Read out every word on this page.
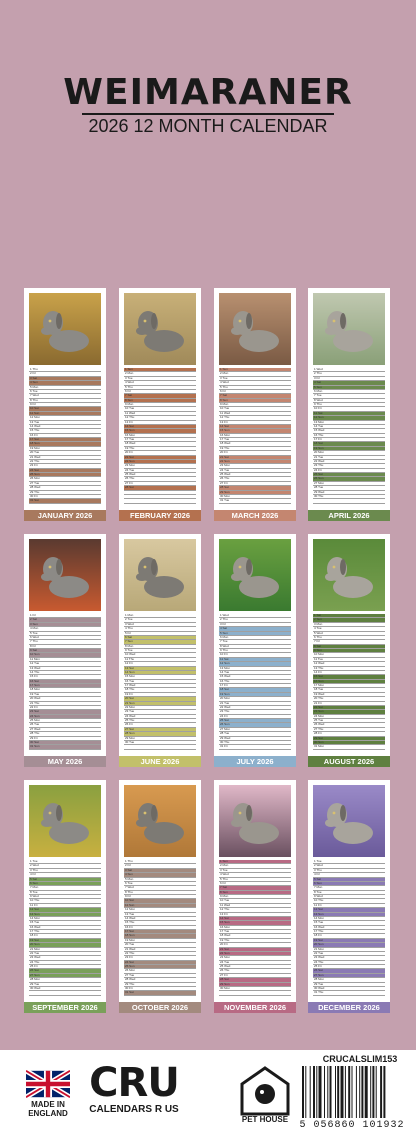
WEIMARANER
2026 12 MONTH CALENDAR
1 Thu
2 Fri
3 Sat
4 Sun
5 Mon
6 Tue
7 Wed
8 Thu
9 Fri
10 Sat
11 Sun
12 Mon
13 Tue
14 Wed
15 Thu
16 Fri
17 Sat
18 Sun
19 Mon
20 Tue
21 Wed
22 Thu
23 Fri
24 Sat
25 Sun
26 Mon
27 Tue
28 Wed
29 Thu
30 Fri
31 Sat
JANUARY 2026
1 Sun
2 Mon
3 Tue
4 Wed
5 Thu
6 Fri
7 Sat
8 Sun
9 Mon
10 Tue
11 Wed
12 Thu
13 Fri
14 Sat
15 Sun
16 Mon
17 Tue
18 Wed
19 Thu
20 Fri
21 Sat
22 Sun
23 Mon
24 Tue
25 Wed
26 Thu
27 Fri
28 Sat
FEBRUARY 2026
1 Sun
2 Mon
3 Tue
4 Wed
5 Thu
6 Fri
7 Sat
8 Sun
9 Mon
10 Tue
11 Wed
12 Thu
13 Fri
14 Sat
15 Sun
16 Mon
17 Tue
18 Wed
19 Thu
20 Fri
21 Sat
22 Sun
23 Mon
24 Tue
25 Wed
26 Thu
27 Fri
28 Sat
29 Sun
30 Mon
31 Tue
MARCH 2026
1 Wed
2 Thu
3 Fri
4 Sat
5 Sun
6 Mon
7 Tue
8 Wed
9 Thu
10 Fri
11 Sat
12 Sun
13 Mon
14 Tue
15 Wed
16 Thu
17 Fri
18 Sat
19 Sun
20 Mon
21 Tue
22 Wed
23 Thu
24 Fri
25 Sat
26 Sun
27 Mon
28 Tue
29 Wed
30 Thu
APRIL 2026
1 Fri
2 Sat
3 Sun
4 Mon
5 Tue
6 Wed
7 Thu
8 Fri
9 Sat
10 Sun
11 Mon
12 Tue
13 Wed
14 Thu
15 Fri
16 Sat
17 Sun
18 Mon
19 Tue
20 Wed
21 Thu
22 Fri
23 Sat
24 Sun
25 Mon
26 Tue
27 Wed
28 Thu
29 Fri
30 Sat
31 Sun
MAY 2026
1 Mon
2 Tue
3 Wed
4 Thu
5 Fri
6 Sat
7 Sun
8 Mon
9 Tue
10 Wed
11 Thu
12 Fri
13 Sat
14 Sun
15 Mon
16 Tue
17 Wed
18 Thu
19 Fri
20 Sat
21 Sun
22 Mon
23 Tue
24 Wed
25 Thu
26 Fri
27 Sat
28 Sun
29 Mon
30 Tue
JUNE 2026
1 Wed
2 Thu
3 Fri
4 Sat
5 Sun
6 Mon
7 Tue
8 Wed
9 Thu
10 Fri
11 Sat
12 Sun
13 Mon
14 Tue
15 Wed
16 Thu
17 Fri
18 Sat
19 Sun
20 Mon
21 Tue
22 Wed
23 Thu
24 Fri
25 Sat
26 Sun
27 Mon
28 Tue
29 Wed
30 Thu
31 Fri
JULY 2026
1 Sat
2 Sun
3 Mon
4 Tue
5 Wed
6 Thu
7 Fri
8 Sat
9 Sun
10 Mon
11 Tue
12 Wed
13 Thu
14 Fri
15 Sat
16 Sun
17 Mon
18 Tue
19 Wed
20 Thu
21 Fri
22 Sat
23 Sun
24 Mon
25 Tue
26 Wed
27 Thu
28 Fri
29 Sat
30 Sun
31 Mon
AUGUST 2026
1 Tue
2 Wed
3 Thu
4 Fri
5 Sat
6 Sun
7 Mon
8 Tue
9 Wed
10 Thu
11 Fri
12 Sat
13 Sun
14 Mon
15 Tue
16 Wed
17 Thu
18 Fri
19 Sat
20 Sun
21 Mon
22 Tue
23 Wed
24 Thu
25 Fri
26 Sat
27 Sun
28 Mon
29 Tue
30 Wed
SEPTEMBER 2026
1 Thu
2 Fri
3 Sat
4 Sun
5 Mon
6 Tue
7 Wed
8 Thu
9 Fri
10 Sat
11 Sun
12 Mon
13 Tue
14 Wed
15 Thu
16 Fri
17 Sat
18 Sun
19 Mon
20 Tue
21 Wed
22 Thu
23 Fri
24 Sat
25 Sun
26 Mon
27 Tue
28 Wed
29 Thu
30 Fri
31 Sat
OCTOBER 2026
1 Sun
2 Mon
3 Tue
4 Wed
5 Thu
6 Fri
7 Sat
8 Sun
9 Mon
10 Tue
11 Wed
12 Thu
13 Fri
14 Sat
15 Sun
16 Mon
17 Tue
18 Wed
19 Thu
20 Fri
21 Sat
22 Sun
23 Mon
24 Tue
25 Wed
26 Thu
27 Fri
28 Sat
29 Sun
30 Mon
NOVEMBER 2026
1 Tue
2 Wed
3 Thu
4 Fri
5 Sat
6 Sun
7 Mon
8 Tue
9 Wed
10 Thu
11 Fri
12 Sat
13 Sun
14 Mon
15 Tue
16 Wed
17 Thu
18 Fri
19 Sat
20 Sun
21 Mon
22 Tue
23 Wed
24 Thu
25 Fri
26 Sat
27 Sun
28 Mon
29 Tue
30 Wed
31 Thu
DECEMBER 2026
MADE IN ENGLAND
CRU
CALENDARS R US
PET HOUSE
CRUCALSLIM153
5 056860 101932
